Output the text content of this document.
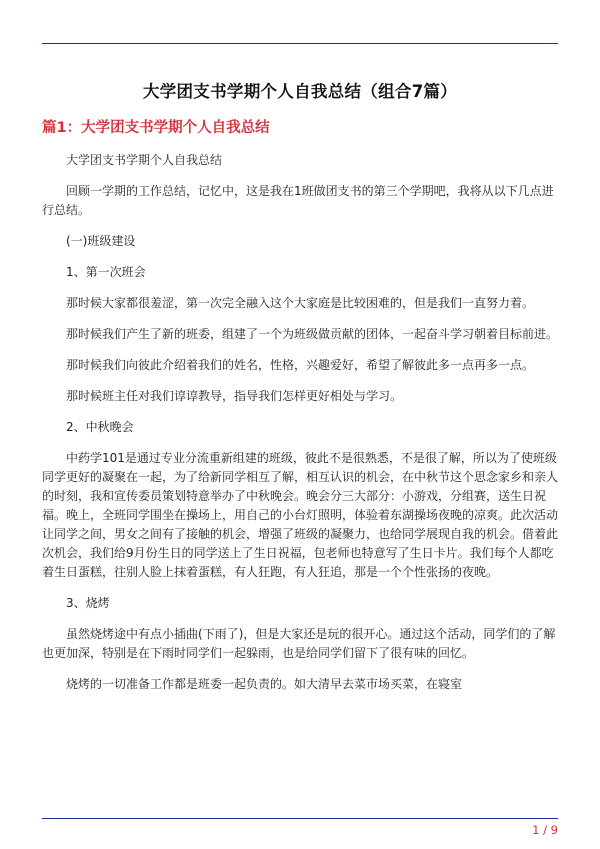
大学团支书学期个人自我总结（组合7篇）
篇1：大学团支书学期个人自我总结

大学团支书学期个人自我总结

回顾一学期的工作总结，记忆中，这是我在1班做团支书的第三个学期吧，我将从以下几点进行总结。

(一)班级建设

1、第一次班会

那时候大家都很羞涩，第一次完全融入这个大家庭是比较困难的，但是我们一直努力着。

那时候我们产生了新的班委，组建了一个为班级做贡献的团体，一起奋斗学习朝着目标前进。

那时候我们向彼此介绍着我们的姓名，性格，兴趣爱好，希望了解彼此多一点再多一点。

那时候班主任对我们谆谆教导，指导我们怎样更好相处与学习。

2、中秋晚会

中药学101是通过专业分流重新组建的班级，彼此不是很熟悉，不是很了解，所以为了使班级同学更好的凝聚在一起，为了给新同学相互了解，相互认识的机会，在中秋节这个思念家乡和亲人的时刻，我和宣传委员策划特意举办了中秋晚会。晚会分三大部分：小游戏，分组赛，送生日祝福。晚上，全班同学围坐在操场上，用自己的小台灯照明，体验着东湖操场夜晚的凉爽。此次活动让同学之间，男女之间有了接触的机会，增强了班级的凝聚力，也给同学展现自我的机会。借着此次机会，我们给9月份生日的同学送上了生日祝福，包老师也特意写了生日卡片。我们每个人都吃着生日蛋糕，往别人脸上抹着蛋糕，有人狂跑，有人狂追，那是一个个性张扬的夜晚。

3、烧烤

虽然烧烤途中有点小插曲(下雨了)，但是大家还是玩的很开心。通过这个活动，同学们的了解也更加深，特别是在下雨时同学们一起躲雨，也是给同学们留下了很有味的回忆。

烧烤的一切准备工作都是班委一起负责的。如大清早去菜市场买菜，在寝室

1 / 9
